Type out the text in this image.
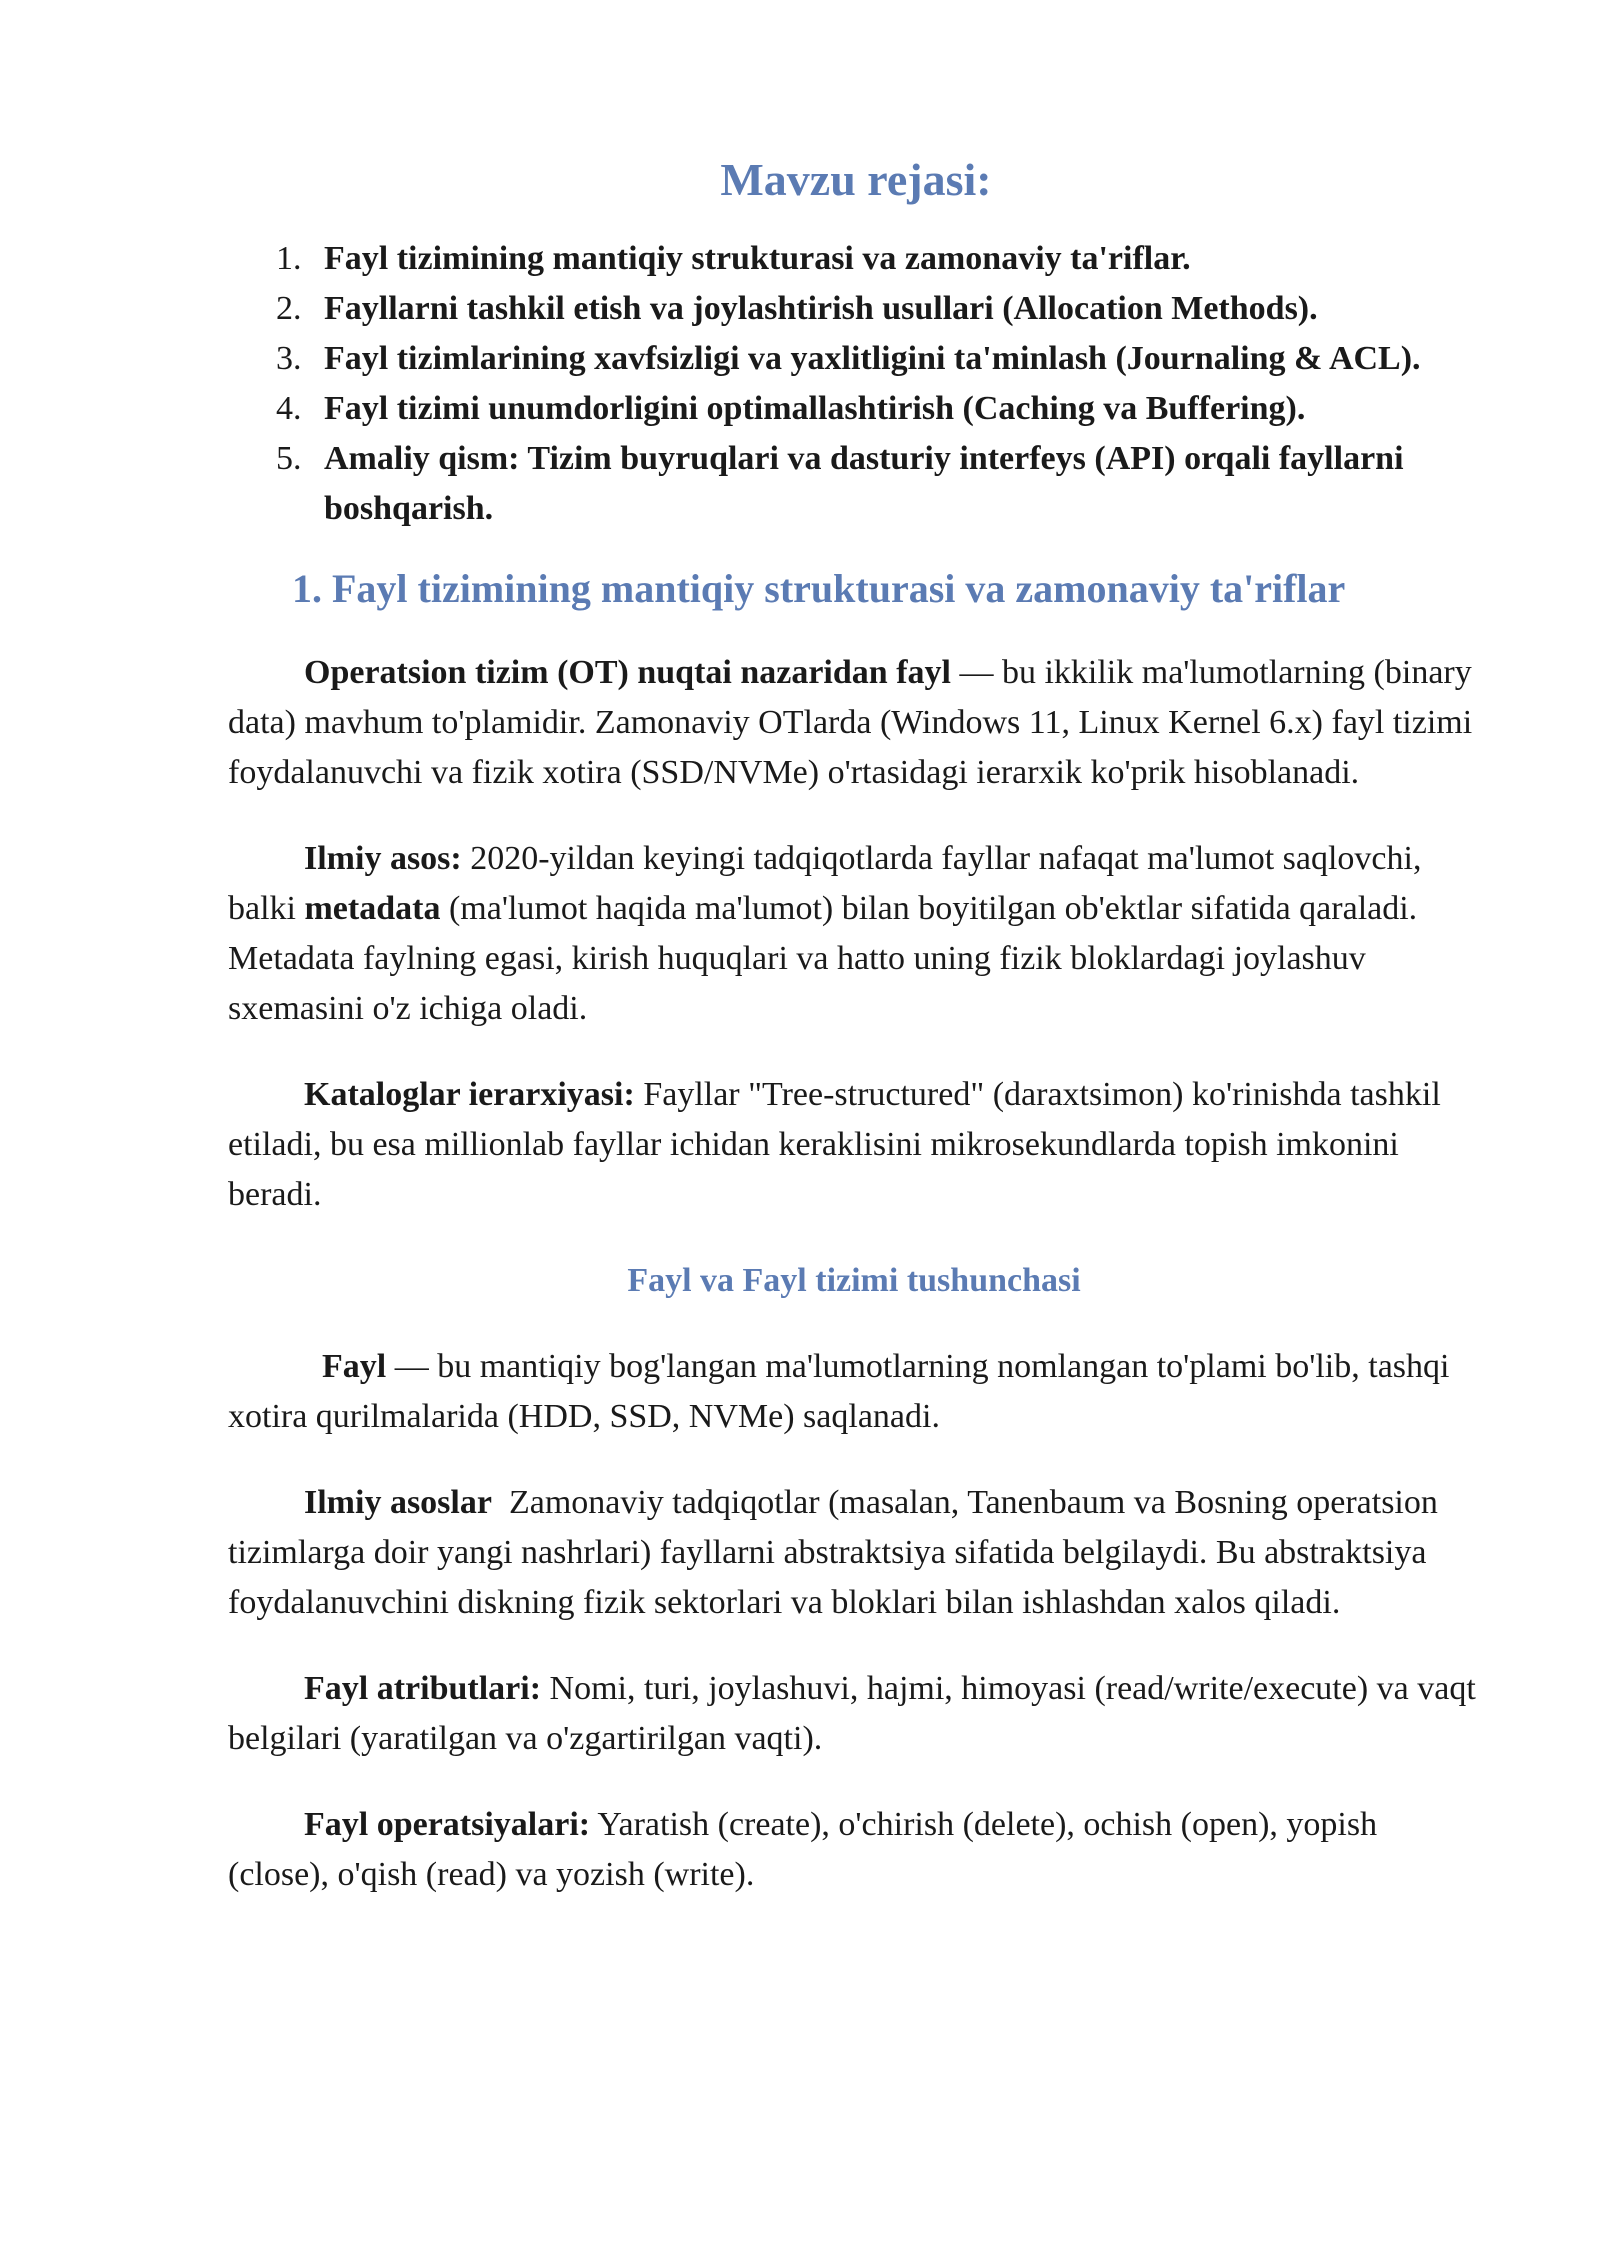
Mavzu rejasi:
1. Fayl tizimining mantiqiy strukturasi va zamonaviy ta'riflar.
2. Fayllarni tashkil etish va joylashtirish usullari (Allocation Methods).
3. Fayl tizimlarining xavfsizligi va yaxlitligini ta'minlash (Journaling & ACL).
4. Fayl tizimi unumdorligini optimallashtirish (Caching va Buffering).
5. Amaliy qism: Tizim buyruqlari va dasturiy interfeys (API) orqali fayllarni boshqarish.
1. Fayl tizimining mantiqiy strukturasi va zamonaviy ta'riflar

Operatsion tizim (OT) nuqtai nazaridan fayl — bu ikkilik ma'lumotlarning (binary data) mavhum to'plamidir. Zamonaviy OTlarda (Windows 11, Linux Kernel 6.x) fayl tizimi foydalanuvchi va fizik xotira (SSD/NVMe) o'rtasidagi ierarxik ko'prik hisoblanadi.

Ilmiy asos: 2020-yildan keyingi tadqiqotlarda fayllar nafaqat ma'lumot saqlovchi, balki metadata (ma'lumot haqida ma'lumot) bilan boyitilgan ob'ektlar sifatida qaraladi. Metadata faylning egasi, kirish huquqlari va hatto uning fizik bloklardagi joylashuv sxemasini o'z ichiga oladi.

Kataloglar ierarxiyasi: Fayllar "Tree-structured" (daraxtsimon) ko'rinishda tashkil etiladi, bu esa millionlab fayllar ichidan keraklisini mikrosekundlarda topish imkonini beradi.

Fayl va Fayl tizimi tushunchasi

Fayl — bu mantiqiy bog'langan ma'lumotlarning nomlangan to'plami bo'lib, tashqi xotira qurilmalarida (HDD, SSD, NVMe) saqlanadi.

Ilmiy asoslar  Zamonaviy tadqiqotlar (masalan, Tanenbaum va Bosning operatsion tizimlarga doir yangi nashrlari) fayllarni abstraktsiya sifatida belgilaydi. Bu abstraktsiya foydalanuvchini diskning fizik sektorlari va bloklari bilan ishlashdan xalos qiladi.

Fayl atributlari: Nomi, turi, joylashuvi, hajmi, himoyasi (read/write/execute) va vaqt belgilari (yaratilgan va o'zgartirilgan vaqti).

Fayl operatsiyalari: Yaratish (create), o'chirish (delete), ochish (open), yopish (close), o'qish (read) va yozish (write).
